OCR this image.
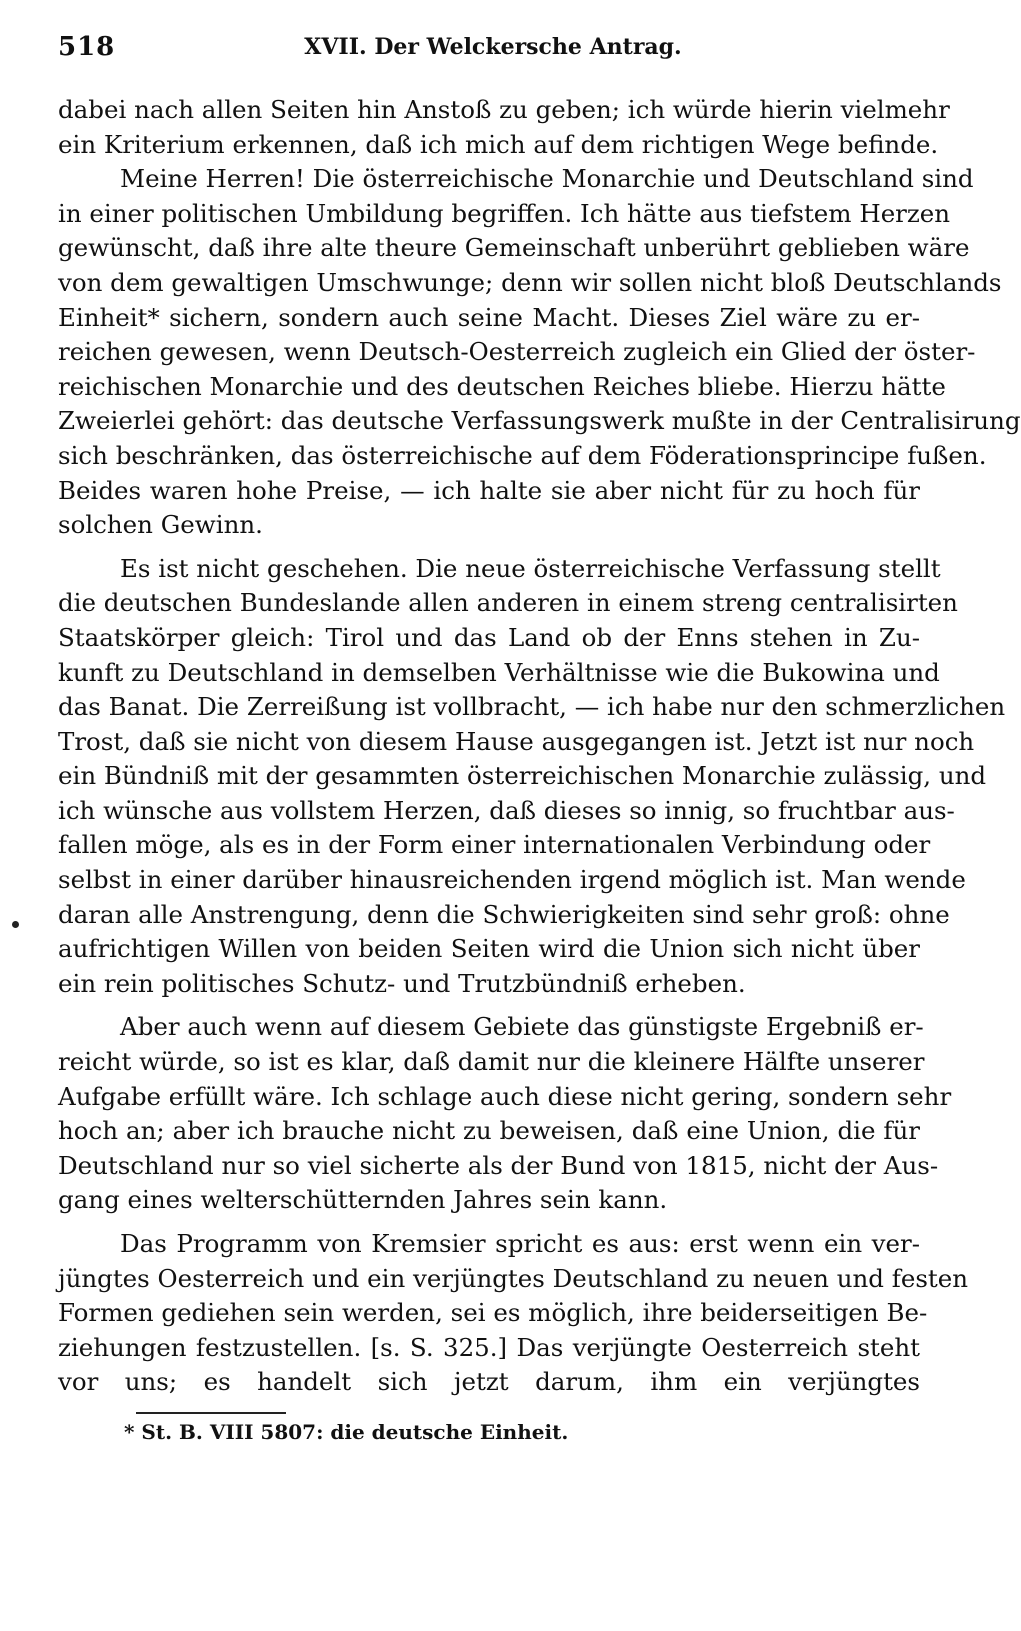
518	XVII. Der Welckersche Antrag.
dabei nach allen Seiten hin Anstoß zu geben; ich würde hierin vielmehr
ein Kriterium erkennen, daß ich mich auf dem richtigen Wege befinde.
Meine Herren! Die österreichische Monarchie und Deutschland sind
in einer politischen Umbildung begriffen. Ich hätte aus tiefstem Herzen
gewünscht, daß ihre alte theure Gemeinschaft unberührt geblieben wäre
von dem gewaltigen Umschwunge; denn wir sollen nicht bloß Deutschlands
Einheit* sichern, sondern auch seine Macht. Dieses Ziel wäre zu er-
reichen gewesen, wenn Deutsch-Oesterreich zugleich ein Glied der öster-
reichischen Monarchie und des deutschen Reiches bliebe. Hierzu hätte
Zweierlei gehört: das deutsche Verfassungswerk mußte in der Centralisirung
sich beschränken, das österreichische auf dem Föderationsprincipe fußen.
Beides waren hohe Preise, — ich halte sie aber nicht für zu hoch für
solchen Gewinn.
Es ist nicht geschehen. Die neue österreichische Verfassung stellt
die deutschen Bundeslande allen anderen in einem streng centralisirten
Staatskörper gleich: Tirol und das Land ob der Enns stehen in Zu-
kunft zu Deutschland in demselben Verhältnisse wie die Bukowina und
das Banat. Die Zerreißung ist vollbracht, — ich habe nur den schmerzlichen
Trost, daß sie nicht von diesem Hause ausgegangen ist. Jetzt ist nur noch
ein Bündniß mit der gesammten österreichischen Monarchie zulässig, und
ich wünsche aus vollstem Herzen, daß dieses so innig, so fruchtbar aus-
fallen möge, als es in der Form einer internationalen Verbindung oder
selbst in einer darüber hinausreichenden irgend möglich ist. Man wende
daran alle Anstrengung, denn die Schwierigkeiten sind sehr groß: ohne
aufrichtigen Willen von beiden Seiten wird die Union sich nicht über
ein rein politisches Schutz- und Trutzbündniß erheben.
Aber auch wenn auf diesem Gebiete das günstigste Ergebniß er-
reicht würde, so ist es klar, daß damit nur die kleinere Hälfte unserer
Aufgabe erfüllt wäre. Ich schlage auch diese nicht gering, sondern sehr
hoch an; aber ich brauche nicht zu beweisen, daß eine Union, die für
Deutschland nur so viel sicherte als der Bund von 1815, nicht der Aus-
gang eines welterschütternden Jahres sein kann.
Das Programm von Kremsier spricht es aus: erst wenn ein ver-
jüngtes Oesterreich und ein verjüngtes Deutschland zu neuen und festen
Formen gediehen sein werden, sei es möglich, ihre beiderseitigen Be-
ziehungen festzustellen. [s. S. 325.] Das verjüngte Oesterreich steht
vor uns; es handelt sich jetzt darum, ihm ein verjüngtes
* St. B. VIII 5807: die deutsche Einheit.
